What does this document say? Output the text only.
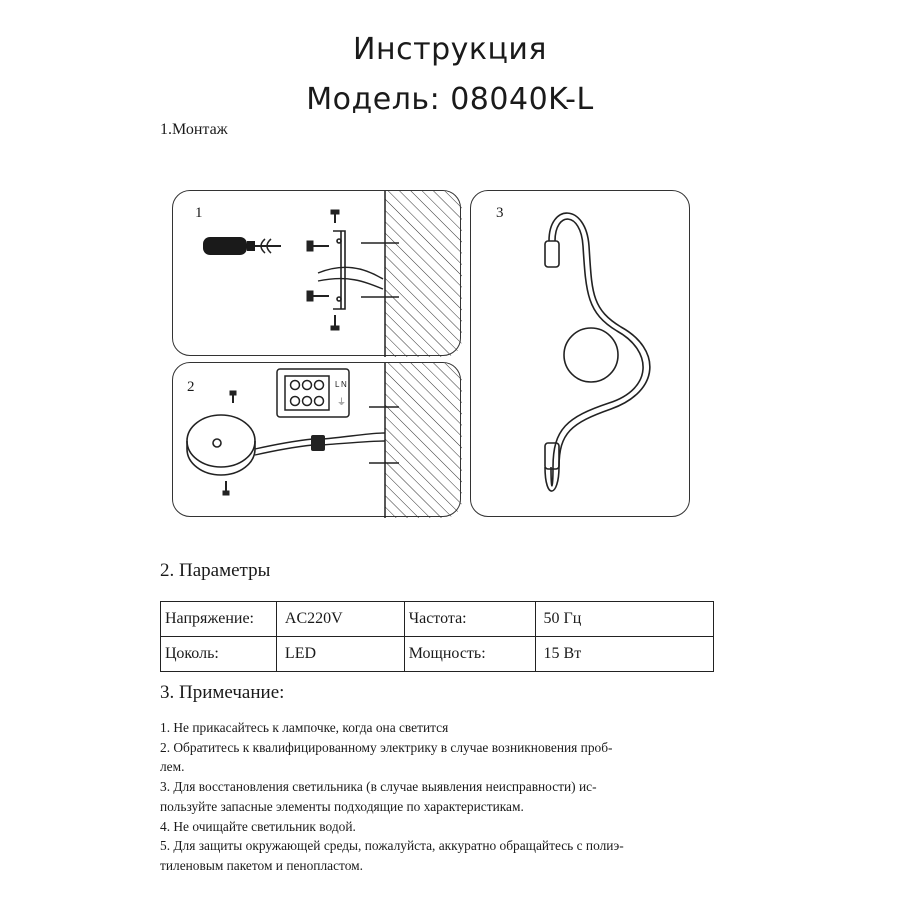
Инструкция
Модель: 08040K-L
1.Монтаж
1
2	L N
⏚
3
2. Параметры
Напряжение:	AC220V	Частота:	50 Гц
Цоколь:	LED	Мощность:	15 Вт
3. Примечание:

1. Не прикасайтесь к лампочке, когда она светится

2. Обратитесь к квалифицированному электрику в случае возникновения проб-

лем.

3. Для восстановления светильника (в случае выявления неисправности) ис-

пользуйте запасные элементы подходящие по характеристикам.

4. Не очищайте светильник водой.

5. Для защиты окружающей среды, пожалуйста, аккуратно обращайтесь с полиэ-

тиленовым пакетом и пенопластом.
